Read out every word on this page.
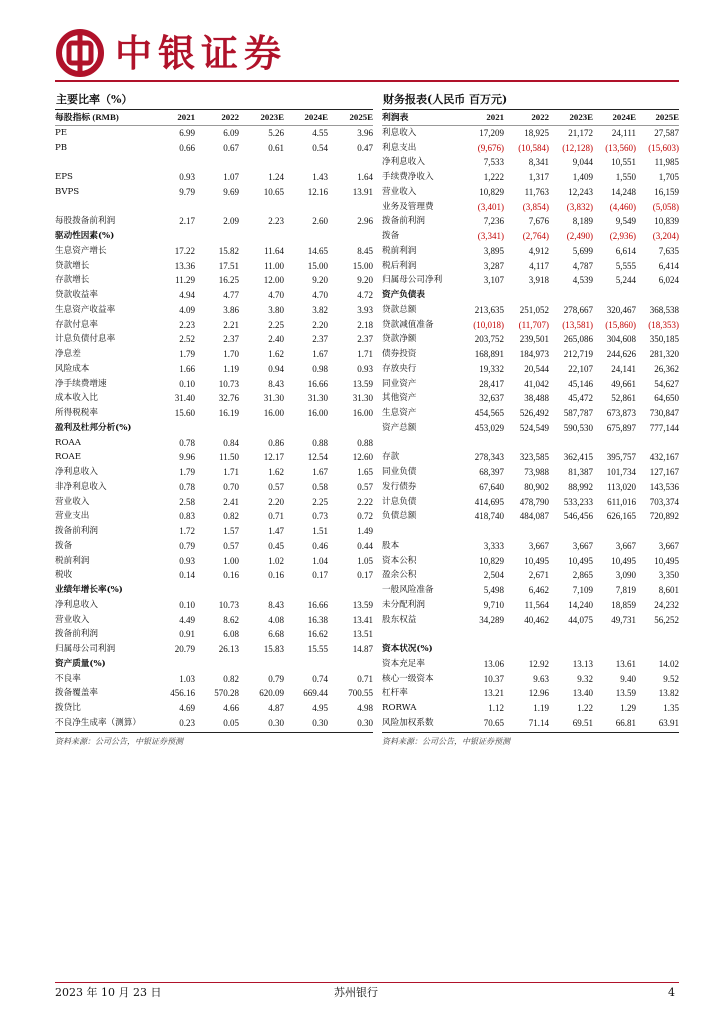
中银证券
主要比率（%）
每股指标 (RMB)	2021	2022	2023E	2024E	2025E
PE	6.99	6.09	5.26	4.55	3.96
PB	0.66	0.67	0.61	0.54	0.47

EPS	0.93	1.07	1.24	1.43	1.64
BVPS	9.79	9.69	10.65	12.16	13.91

每股拨备前利润	2.17	2.09	2.23	2.60	2.96
驱动性因素(%)					
生息资产增长	17.22	15.82	11.64	14.65	8.45
贷款增长	13.36	17.51	11.00	15.00	15.00
存款增长	11.29	16.25	12.00	9.20	9.20
贷款收益率	4.94	4.77	4.70	4.70	4.72
生息资产收益率	4.09	3.86	3.80	3.82	3.93
存款付息率	2.23	2.21	2.25	2.20	2.18
计息负债付息率	2.52	2.37	2.40	2.37	2.37
净息差	1.79	1.70	1.62	1.67	1.71
风险成本	1.66	1.19	0.94	0.98	0.93
净手续费增速	0.10	10.73	8.43	16.66	13.59
成本收入比	31.40	32.76	31.30	31.30	31.30
所得税税率	15.60	16.19	16.00	16.00	16.00
盈利及杜邦分析(%)					
ROAA	0.78	0.84	0.86	0.88	0.88
ROAE	9.96	11.50	12.17	12.54	12.60
净利息收入	1.79	1.71	1.62	1.67	1.65
非净利息收入	0.78	0.70	0.57	0.58	0.57
营业收入	2.58	2.41	2.20	2.25	2.22
营业支出	0.83	0.82	0.71	0.73	0.72
拨备前利润	1.72	1.57	1.47	1.51	1.49
拨备	0.79	0.57	0.45	0.46	0.44
税前利润	0.93	1.00	1.02	1.04	1.05
税收	0.14	0.16	0.16	0.17	0.17
业绩年增长率(%)					
净利息收入	0.10	10.73	8.43	16.66	13.59
营业收入	4.49	8.62	4.08	16.38	13.41
拨备前利润	0.91	6.08	6.68	16.62	13.51
归属母公司利润	20.79	26.13	15.83	15.55	14.87
资产质量(%)					
不良率	1.03	0.82	0.79	0.74	0.71
拨备覆盖率	456.16	570.28	620.09	669.44	700.55
拨贷比	4.69	4.66	4.87	4.95	4.98
不良净生成率（测算）	0.23	0.05	0.30	0.30	0.30
资料来源：公司公告，中银证券预测
财务报表(人民币 百万元)
利润表	2021	2022	2023E	2024E	2025E
利息收入	17,209	18,925	21,172	24,111	27,587
利息支出	(9,676)	(10,584)	(12,128)	(13,560)	(15,603)
净利息收入	7,533	8,341	9,044	10,551	11,985
手续费净收入	1,222	1,317	1,409	1,550	1,705
营业收入	10,829	11,763	12,243	14,248	16,159
业务及管理费	(3,401)	(3,854)	(3,832)	(4,460)	(5,058)
拨备前利润	7,236	7,676	8,189	9,549	10,839
拨备	(3,341)	(2,764)	(2,490)	(2,936)	(3,204)
税前利润	3,895	4,912	5,699	6,614	7,635
税后利润	3,287	4,117	4,787	5,555	6,414
归属母公司净利	3,107	3,918	4,539	5,244	6,024
资产负债表					
贷款总额	213,635	251,052	278,667	320,467	368,538
贷款减值准备	(10,018)	(11,707)	(13,581)	(15,860)	(18,353)
贷款净额	203,752	239,501	265,086	304,608	350,185
债券投资	168,891	184,973	212,719	244,626	281,320
存放央行	19,332	20,544	22,107	24,141	26,362
同业资产	28,417	41,042	45,146	49,661	54,627
其他资产	32,637	38,488	45,472	52,861	64,650
生息资产	454,565	526,492	587,787	673,873	730,847
资产总额	453,029	524,549	590,530	675,897	777,144

存款	278,343	323,585	362,415	395,757	432,167
同业负债	68,397	73,988	81,387	101,734	127,167
发行债券	67,640	80,902	88,992	113,020	143,536
计息负债	414,695	478,790	533,233	611,016	703,374
负债总额	418,740	484,087	546,456	626,165	720,892

股本	3,333	3,667	3,667	3,667	3,667
资本公积	10,829	10,495	10,495	10,495	10,495
盈余公积	2,504	2,671	2,865	3,090	3,350
一般风险准备	5,498	6,462	7,109	7,819	8,601
未分配利润	9,710	11,564	14,240	18,859	24,232
股东权益	34,289	40,462	44,075	49,731	56,252

资本状况(%)					
资本充足率	13.06	12.92	13.13	13.61	14.02
核心一级资本	10.37	9.63	9.32	9.40	9.52
杠杆率	13.21	12.96	13.40	13.59	13.82
RORWA	1.12	1.19	1.22	1.29	1.35
风险加权系数	70.65	71.14	69.51	66.81	63.91
资料来源：公司公告，中银证券预测
2023 年 10 月 23 日	苏州银行	4
